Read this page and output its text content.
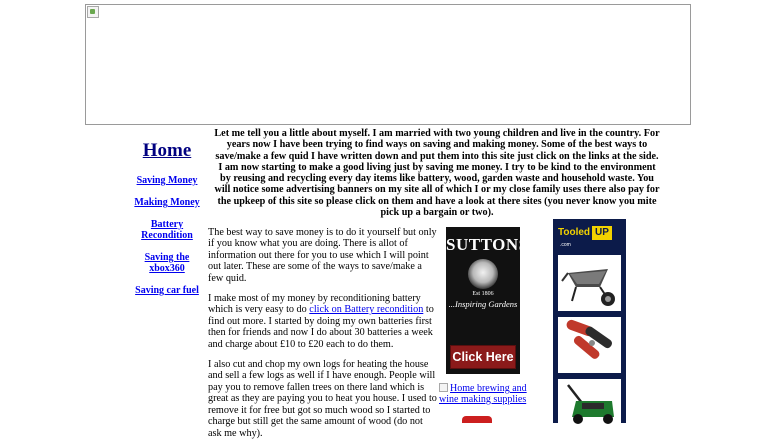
Home
Saving Money
Making Money
Battery Recondition
Saving the xbox360
Saving car fuel
Let me tell you a little about myself. I am married with two young children and live in the country. For years now I have been trying to find ways on saving and making money. Some of the best ways to save/make a few quid I have written down and put them into this site just click on the links at the side. I am now starting to make a good living just by saving me money. I try to be kind to the environment by reusing and recycling every day items like battery, wood, garden waste and household waste. You will notice some advertising banners on my site all of which I or my close family uses there also pay for the upkeep of this site so please click on them and have a look at there sites (you never know you mite pick up a bargain or two).

The best way to save money is to do it yourself but only if you know what you are doing. There is allot of information out there for you to use which I will point out later. These are some of the ways to save/make a few quid.

I make most of my money by reconditioning battery which is very easy to do click on Battery recondition to find out more. I started by doing my own batteries first then for friends and now I do about 30 batteries a week and charge about £10 to £20 each to do them.

I also cut and chop my own logs for heating the house and sell a few logs as well if I have enough. People will pay you to remove fallen trees on there land which is great as they are paying you to heat you house. I used to remove it for free but got so much wood so I started to charge but still get the same amount of wood (do not ask me why).

SUTTONS
Est 1806
...Inspiring Gardens
Click Here
Home brewing and wine making supplies
Tooled UP
.com
